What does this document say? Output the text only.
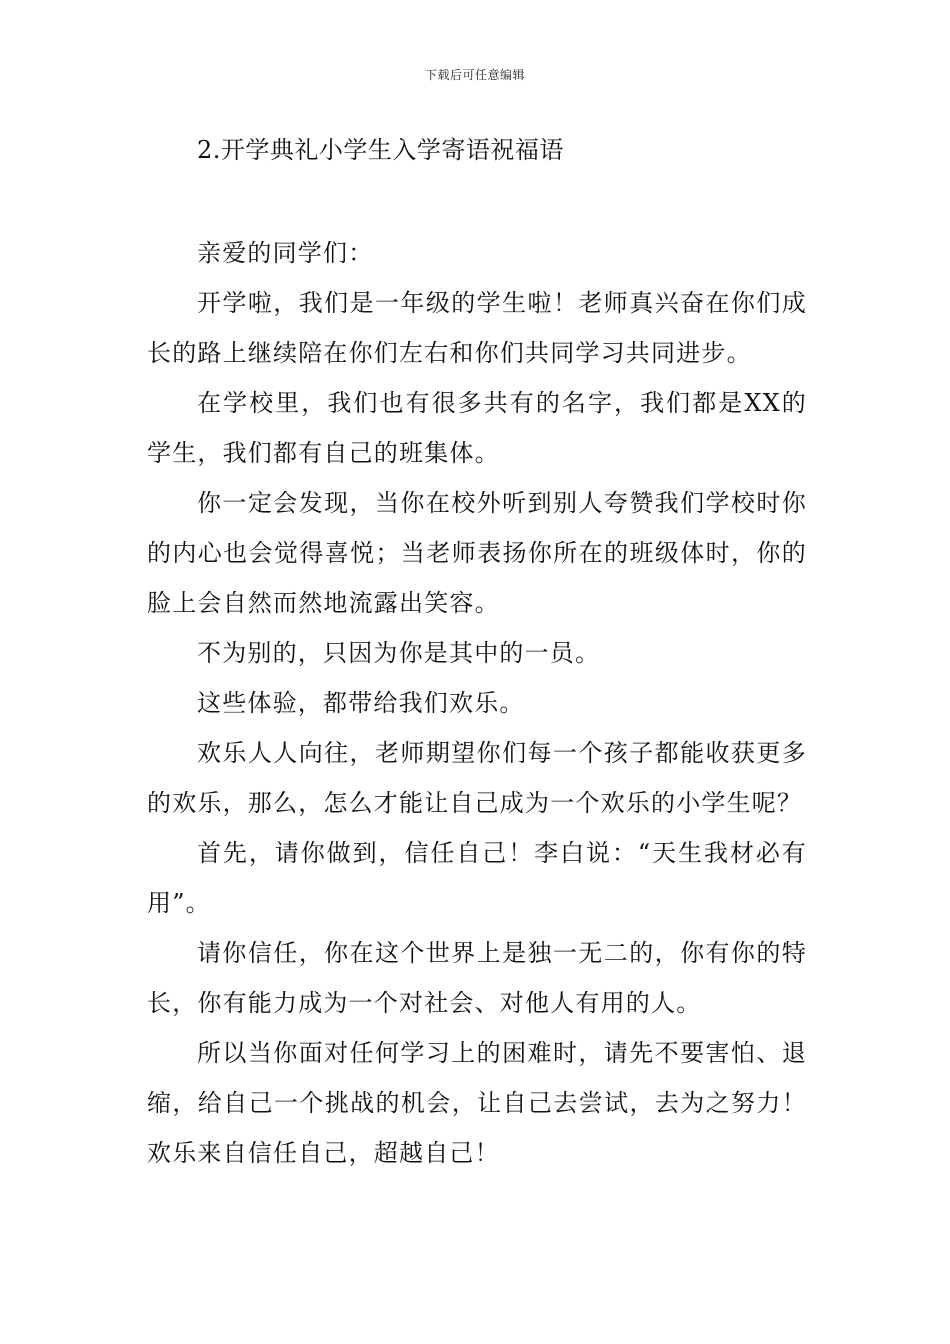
下载后可任意编辑
2.开学典礼小学生入学寄语祝福语

亲爱的同学们：

开学啦，我们是一年级的学生啦！老师真兴奋在你们成长的路上继续陪在你们左右和你们共同学习共同进步。

在学校里，我们也有很多共有的名字，我们都是XX的学生，我们都有自己的班集体。

你一定会发现，当你在校外听到别人夸赞我们学校时你的内心也会觉得喜悦；当老师表扬你所在的班级体时，你的脸上会自然而然地流露出笑容。

不为别的，只因为你是其中的一员。

这些体验，都带给我们欢乐。

欢乐人人向往，老师期望你们每一个孩子都能收获更多的欢乐，那么，怎么才能让自己成为一个欢乐的小学生呢？

首先，请你做到，信任自己！李白说：“天生我材必有用”。

请你信任，你在这个世界上是独一无二的，你有你的特长，你有能力成为一个对社会、对他人有用的人。

所以当你面对任何学习上的困难时，请先不要害怕、退缩，给自己一个挑战的机会，让自己去尝试，去为之努力！欢乐来自信任自己，超越自己！
